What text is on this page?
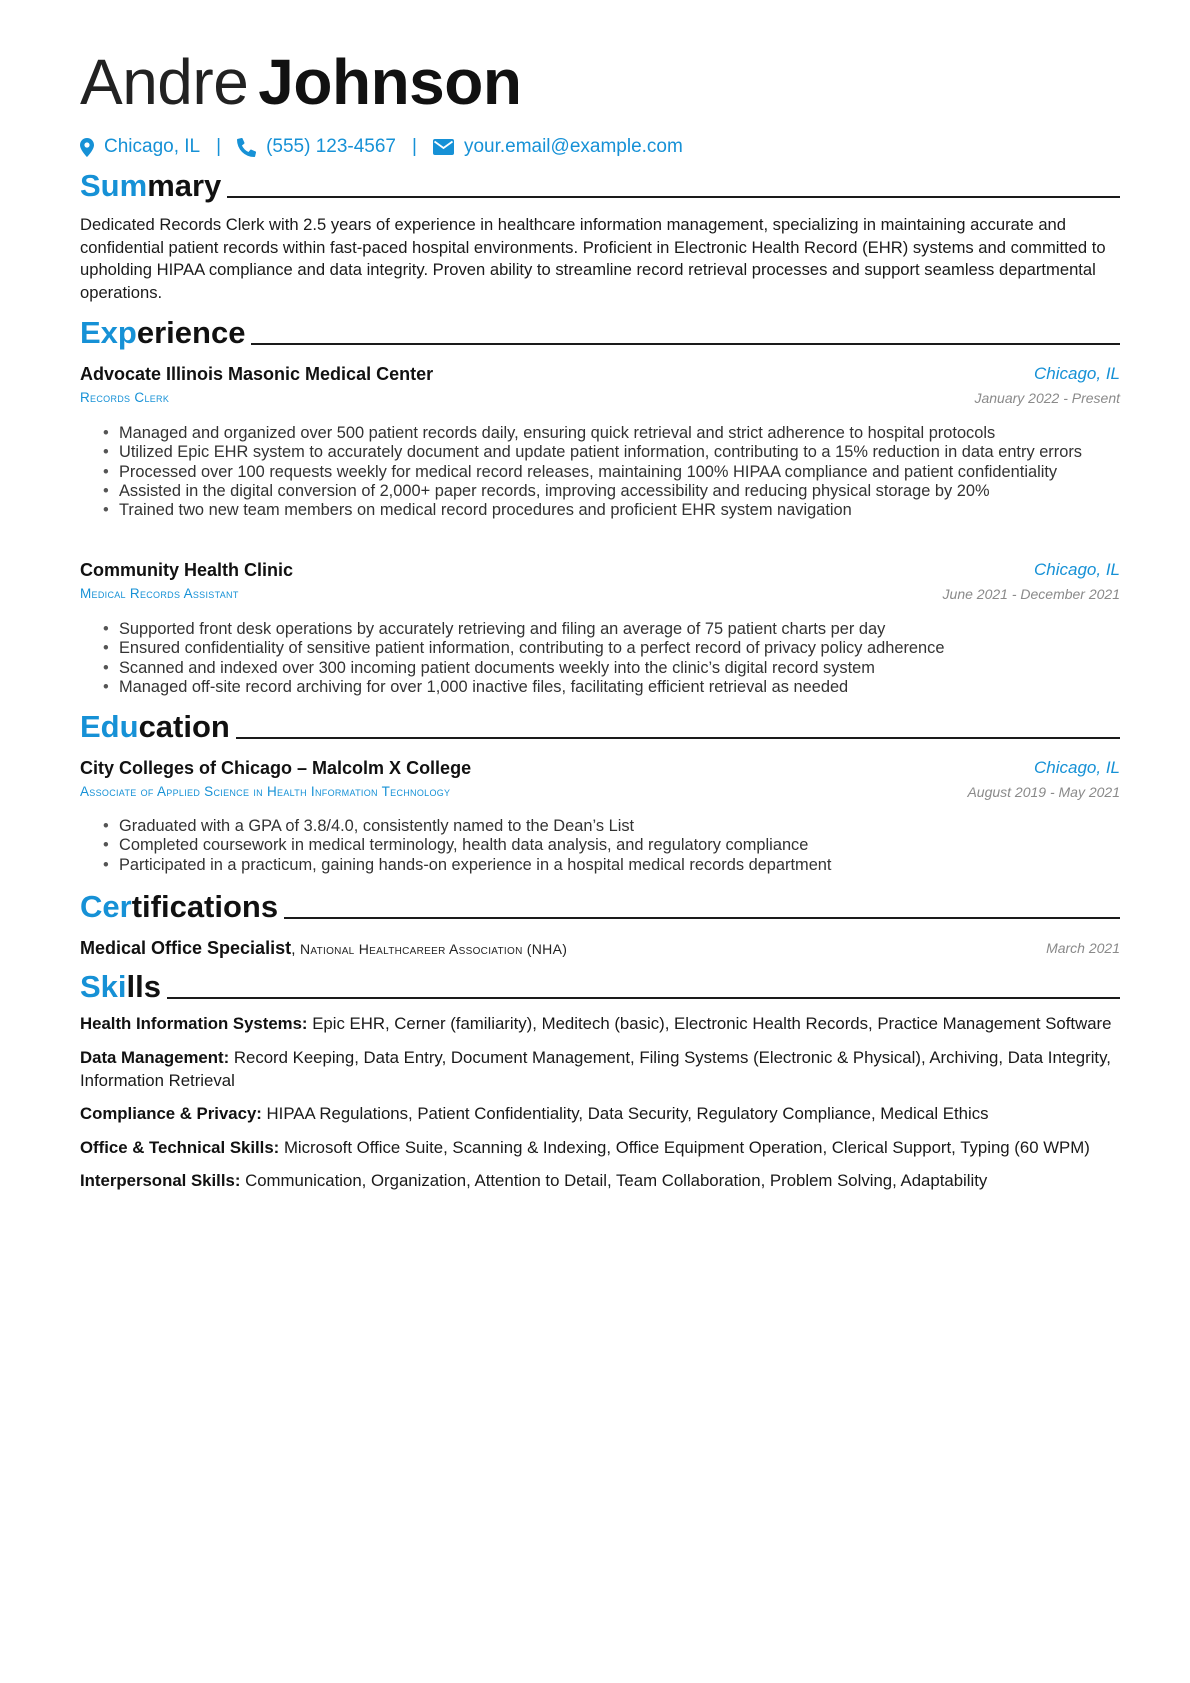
Andre Johnson
Chicago, IL | (555) 123-4567 | your.email@example.com
Summary
Dedicated Records Clerk with 2.5 years of experience in healthcare information management, specializing in maintaining accurate and confidential patient records within fast-paced hospital environments. Proficient in Electronic Health Record (EHR) systems and committed to upholding HIPAA compliance and data integrity. Proven ability to streamline record retrieval processes and support seamless departmental operations.
Experience
Advocate Illinois Masonic Medical Center	Chicago, IL
Records Clerk	January 2022 - Present
• Managed and organized over 500 patient records daily, ensuring quick retrieval and strict adherence to hospital protocols
• Utilized Epic EHR system to accurately document and update patient information, contributing to a 15% reduction in data entry errors
• Processed over 100 requests weekly for medical record releases, maintaining 100% HIPAA compliance and patient confidentiality
• Assisted in the digital conversion of 2,000+ paper records, improving accessibility and reducing physical storage by 20%
• Trained two new team members on medical record procedures and proficient EHR system navigation
Community Health Clinic	Chicago, IL
Medical Records Assistant	June 2021 - December 2021
• Supported front desk operations by accurately retrieving and filing an average of 75 patient charts per day
• Ensured confidentiality of sensitive patient information, contributing to a perfect record of privacy policy adherence
• Scanned and indexed over 300 incoming patient documents weekly into the clinic’s digital record system
• Managed off-site record archiving for over 1,000 inactive files, facilitating efficient retrieval as needed
Education
City Colleges of Chicago – Malcolm X College	Chicago, IL
Associate of Applied Science in Health Information Technology	August 2019 - May 2021
• Graduated with a GPA of 3.8/4.0, consistently named to the Dean’s List
• Completed coursework in medical terminology, health data analysis, and regulatory compliance
• Participated in a practicum, gaining hands-on experience in a hospital medical records department
Certifications
Medical Office Specialist, National Healthcareer Association (NHA)	March 2021
Skills
Health Information Systems: Epic EHR, Cerner (familiarity), Meditech (basic), Electronic Health Records, Practice Management Software
Data Management: Record Keeping, Data Entry, Document Management, Filing Systems (Electronic & Physical), Archiving, Data Integrity, Information Retrieval
Compliance & Privacy: HIPAA Regulations, Patient Confidentiality, Data Security, Regulatory Compliance, Medical Ethics
Office & Technical Skills: Microsoft Office Suite, Scanning & Indexing, Office Equipment Operation, Clerical Support, Typing (60 WPM)
Interpersonal Skills: Communication, Organization, Attention to Detail, Team Collaboration, Problem Solving, Adaptability
